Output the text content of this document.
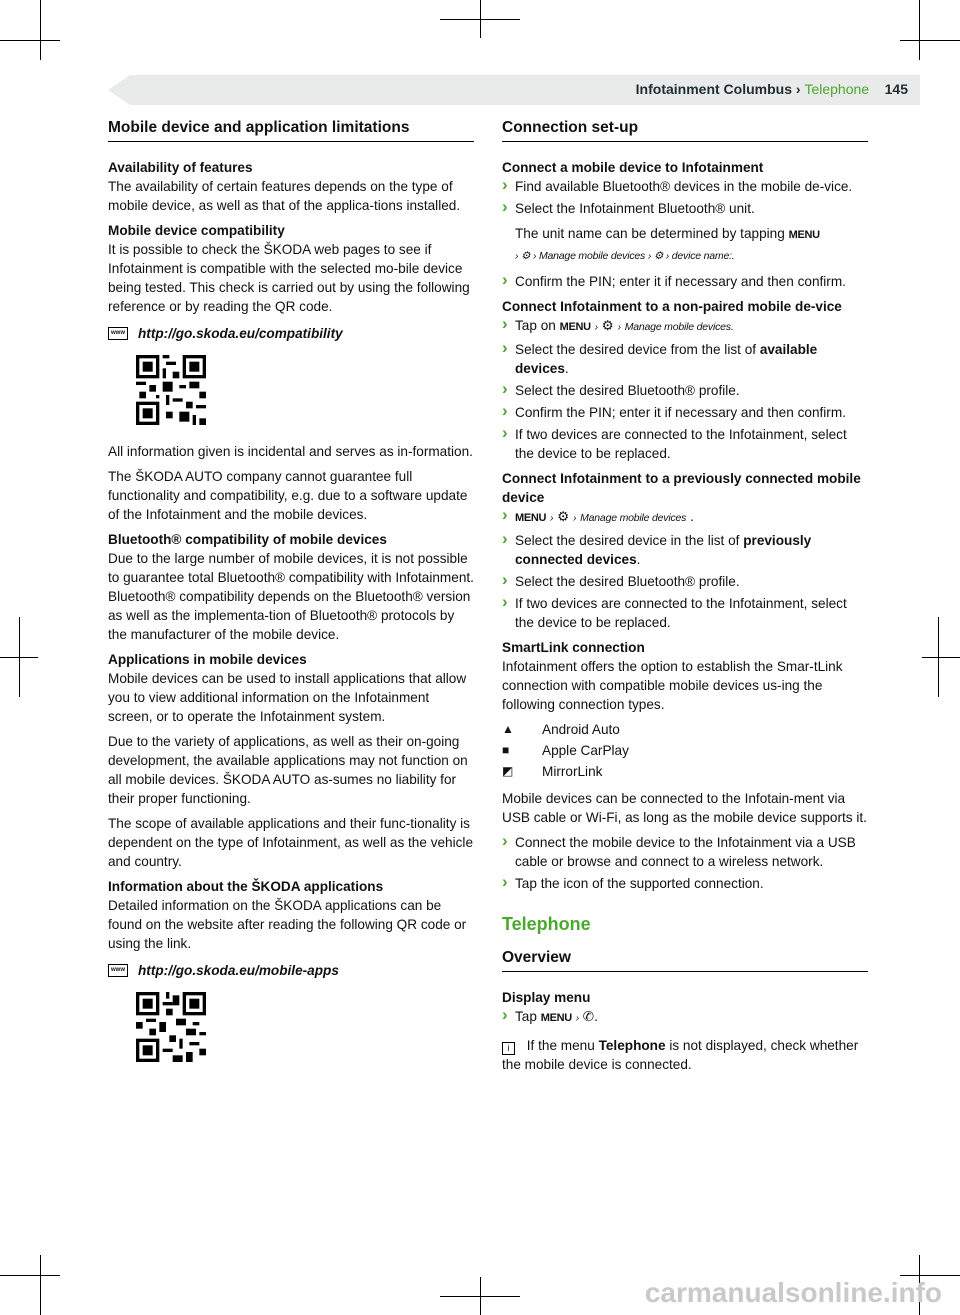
Infotainment Columbus › Telephone 145
Mobile device and application limitations
Availability of features

The availability of certain features depends on the type of mobile device, as well as that of the applica-tions installed.

Mobile device compatibility

It is possible to check the ŠKODA web pages to see if Infotainment is compatible with the selected mo-bile device being tested. This check is carried out by using the following reference or by reading the QR code.

www http://go.skoda.eu/compatibility

All information given is incidental and serves as in-formation.

The ŠKODA AUTO company cannot guarantee full functionality and compatibility, e.g. due to a software update of the Infotainment and the mobile devices.

Bluetooth® compatibility of mobile devices

Due to the large number of mobile devices, it is not possible to guarantee total Bluetooth® compatibility with Infotainment. Bluetooth® compatibility depends on the Bluetooth® version as well as the implementa-tion of Bluetooth® protocols by the manufacturer of the mobile device.

Applications in mobile devices

Mobile devices can be used to install applications that allow you to view additional information on the Infotainment screen, or to operate the Infotainment system.

Due to the variety of applications, as well as their on-going development, the available applications may not function on all mobile devices. ŠKODA AUTO as-sumes no liability for their proper functioning.

The scope of available applications and their func-tionality is dependent on the type of Infotainment, as well as the vehicle and country.

Information about the ŠKODA applications

Detailed information on the ŠKODA applications can be found on the website after reading the following QR code or using the link.

www http://go.skoda.eu/mobile-apps
Connection set-up
Connect a mobile device to Infotainment
› Find available Bluetooth® devices in the mobile de-vice.
› Select the Infotainment Bluetooth® unit.

The unit name can be determined by tapping MENU
› ⚙ › Manage mobile devices › ⚙ › device name:.

› Confirm the PIN; enter it if necessary and then confirm.
Connect Infotainment to a non-paired mobile de-vice
› Tap on MENU › ⚙ › Manage mobile devices.
› Select the desired device from the list of available devices.
› Select the desired Bluetooth® profile.
› Confirm the PIN; enter it if necessary and then confirm.
› If two devices are connected to the Infotainment, select the device to be replaced.
Connect Infotainment to a previously connected mobile device
› MENU › ⚙ › Manage mobile devices .
› Select the desired device in the list of previously connected devices.
› Select the desired Bluetooth® profile.
› If two devices are connected to the Infotainment, select the device to be replaced.
SmartLink connection

Infotainment offers the option to establish the Smar-tLink connection with compatible mobile devices us-ing the following connection types.

▲	Android Auto
■	Apple CarPlay
◩	MirrorLink

Mobile devices can be connected to the Infotain-ment via USB cable or Wi-Fi, as long as the mobile device supports it.

› Connect the mobile device to the Infotainment via a USB cable or browse and connect to a wireless network.
› Tap the icon of the supported connection.
Telephone
Overview
Display menu
› Tap MENU › ✆.

i If the menu Telephone is not displayed, check whether the mobile device is connected.

carmanualsonline.info
